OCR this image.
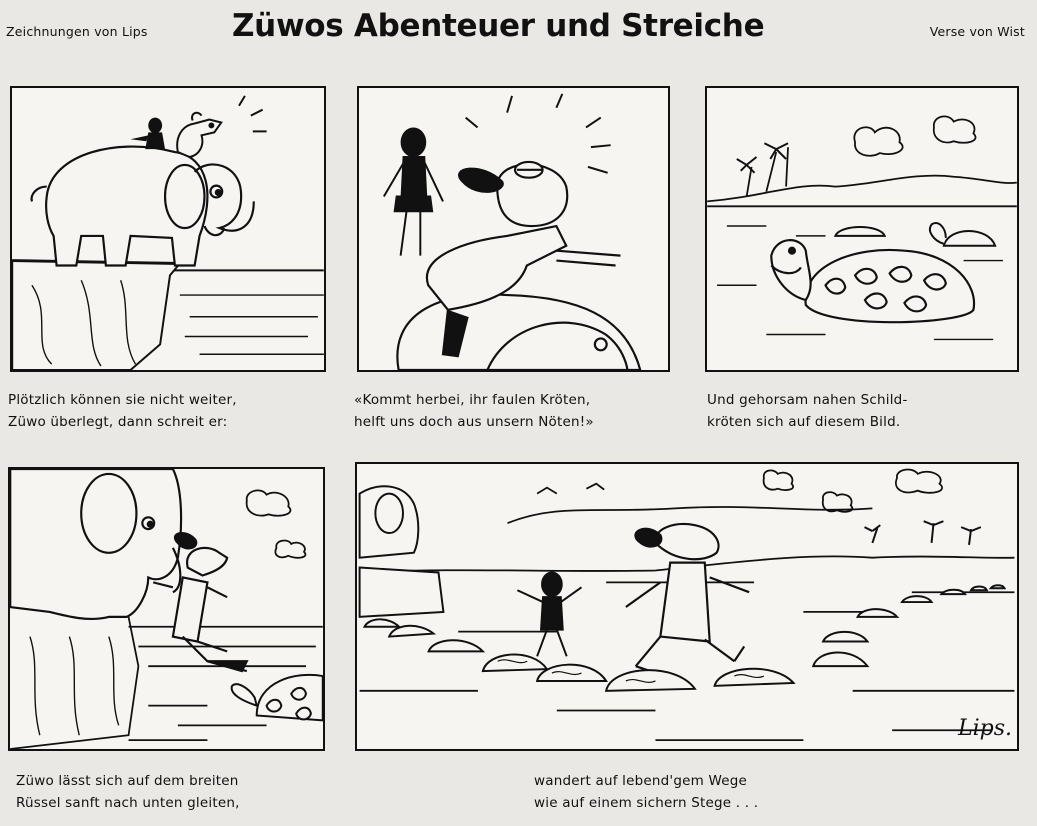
Zeichnungen von Lips	Züwos Abenteuer und Streiche	Verse von Wist
Lips.
Plötzlich können sie nicht weiter,
Züwo überlegt, dann schreit er:
«Kommt herbei, ihr faulen Kröten,
helft uns doch aus unsern Nöten!»
Und gehorsam nahen Schild-
kröten sich auf diesem Bild.
Züwo lässt sich auf dem breiten
Rüssel sanft nach unten gleiten,
wandert auf lebend'gem Wege
wie auf einem sichern Stege . . .
